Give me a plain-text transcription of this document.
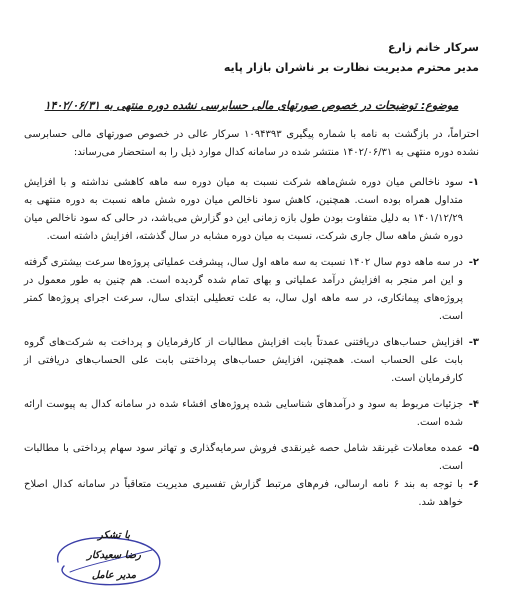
سرکار خانم زارع
مدیر محترم مدیریت نظارت بر ناشران بازار پایه
موضوع: توضیحات در خصوص صورتهای مالی حسابرسی نشده دوره منتهی به ۱۴۰۲/۰۶/۳۱
احتراماً، در بازگشت به نامه با شماره پیگیری ۱۰۹۴۳۹۳ سرکار عالی در خصوص صورتهای مالی حسابرسی نشده دوره منتهی به ۱۴۰۲/۰۶/۳۱ منتشر شده در سامانه کدال موارد ذیل را به استحضار می‌رساند:
۱-
سود ناخالص میان دوره شش‌ماهه شرکت نسبت به میان دوره سه ماهه کاهشی نداشته و با افزایش متداول همراه بوده است. همچنین، کاهش سود ناخالص میان دوره شش ماهه نسبت به دوره منتهی به ۱۴۰۱/۱۲/۲۹ به دلیل متفاوت بودن طول بازه زمانی این دو گزارش می‌باشد، در حالی که سود ناخالص میان دوره شش ماهه سال جاری شرکت، نسبت به میان دوره مشابه در سال گذشته، افزایش داشته است.
۲-
در سه ماهه دوم سال ۱۴۰۲ نسبت به سه ماهه اول سال، پیشرفت عملیاتی پروژه‌ها سرعت بیشتری گرفته و این امر منجر به افزایش درآمد عملیاتی و بهای تمام شده گردیده است. هم چنین به طور معمول در پروژه‌های پیمانکاری، در سه ماهه اول سال، به علت تعطیلی ابتدای سال، سرعت اجرای پروژه‌ها کمتر است.
۳-
افزایش حساب‌های دریافتنی عمدتاً بابت افزایش مطالبات از کارفرمایان و پرداخت به شرکت‌های گروه بابت علی الحساب است. همچنین، افزایش حساب‌های پرداختنی بابت علی الحساب‌های دریافتی از کارفرمایان است.
۴-
جزئیات مربوط به سود و درآمدهای شناسایی شده پروژه‌های افشاء شده در سامانه کدال به پیوست ارائه شده است.
۵-
عمده معاملات غیرنقد شامل حصه غیرنقدی فروش سرمایه‌گذاری و تهاتر سود سهام پرداختی با مطالبات است.
۶-
با توجه به بند ۶ نامه ارسالی، فرم‌های مرتبط گزارش تفسیری مدیریت متعاقباً در سامانه کدال اصلاح خواهد شد.
با تشکر
رضا سعیدکار
مدیر عامل
